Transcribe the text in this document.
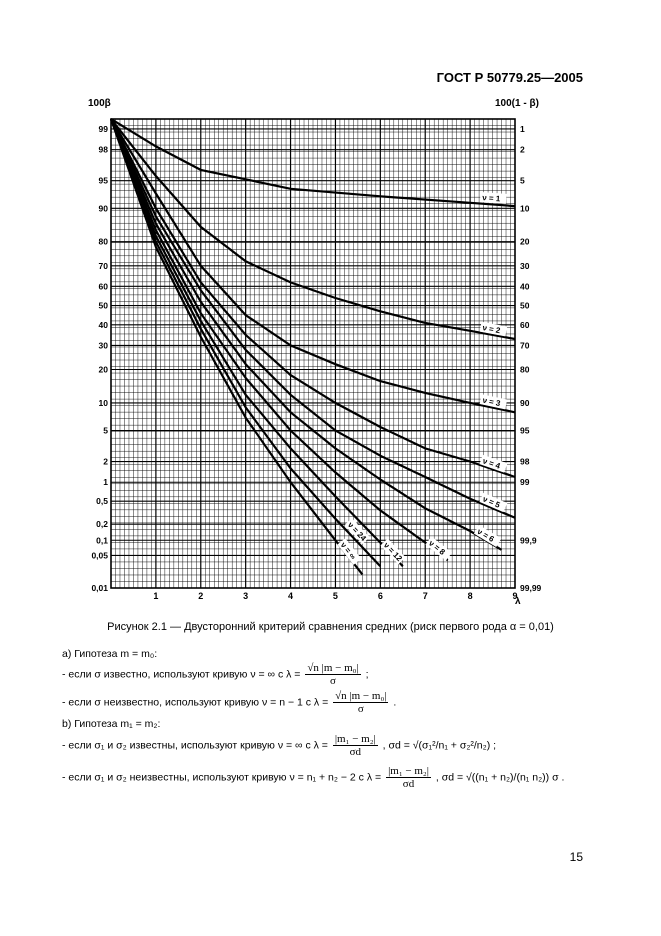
ГОСТ Р 50779.25—2005
ν = 1
ν = 2
ν = 3
ν = 4
ν = 5
ν = 6
ν = 8
ν = 12
ν = 24
ν = ∞
99
98
95
90
80
70
60
50
40
30
20
10
5
2
1
0,5
0,2
0,1
0,05
0,01
1
2
5
10
20
30
40
50
60
70
80
90
95
98
99
99,9
99,99
1	2	3	4	5	6	7	8	9
100β	100(1 - β)
λ
Рисунок 2.1 — Двусторонний критерий сравнения средних (риск первого рода α = 0,01)
а) Гипотеза m = m₀:
- если σ известно, используют кривую ν = ∞ с $\lambda = \frac{\text{√n |m − m₀|}}{\sigma}$ ;
- если σ неизвестно, используют кривую ν = n − 1 с $\lambda = \frac{\text{√n |m − m₀|}}{\sigma}$ .
b) Гипотеза m₁ = m₂:
- если σ₁ и σ₂ известны, используют кривую ν = ∞ с $\lambda = \frac{\text{|m₁ − m₂|}}{\sigma d}$ , σd = √(σ₁²/n₁ + σ₂²/n₂) ;
- если σ₁ и σ₂ неизвестны, используют кривую ν = n₁ + n₂ − 2 с $\lambda = \frac{\text{|m₁ − m₂|}}{\sigma d}$ , σd = √((n₁ + n₂)/(n₁ n₂)) σ .
15
